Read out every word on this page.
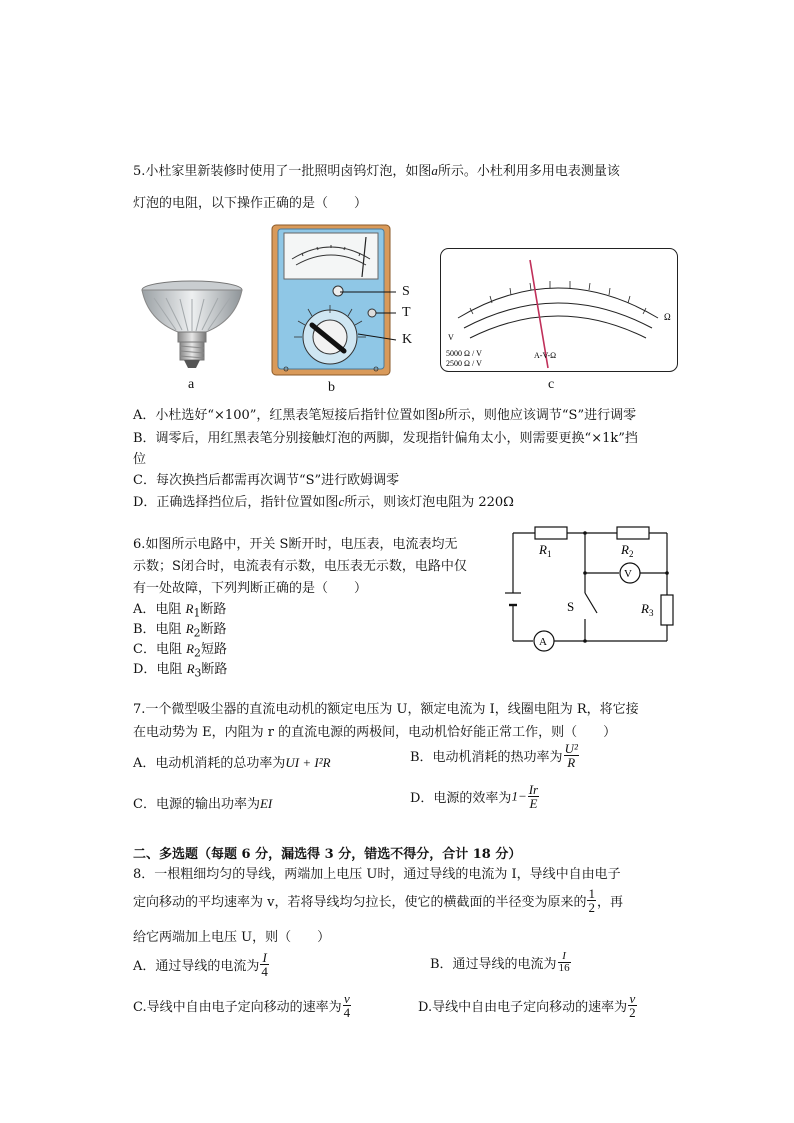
5.小杜家里新装修时使用了一批照明卤钨灯泡，如图a所示。小杜利用多用电表测量该
灯泡的电阻，以下操作正确的是（　　）
a
S
T
K
b
Ω
V
5000 Ω / V
2500 Ω / V
A-V-Ω
c
A．小杜选好“×100”，红黑表笔短接后指针位置如图b所示，则他应该调节“S”进行调零
B．调零后，用红黑表笔分别接触灯泡的两脚，发现指针偏角太小，则需要更换“×1k”挡
位
C．每次换挡后都需再次调节“S”进行欧姆调零
D．正确选择挡位后，指针位置如图c所示，则该灯泡电阻为 220Ω
6.如图所示电路中，开关 S断开时，电压表，电流表均无
示数；S闭合时，电流表有示数，电压表无示数，电路中仅
有一处故障，下列判断正确的是（　　）
A．电阻 $R_1$断路
B．电阻 $R_2$断路
C．电阻 $R_2$短路
D．电阻 $R_3$断路
V
A
S
$R_1$	$R_2$
$R_3$
7.一个微型吸尘器的直流电动机的额定电压为 U，额定电流为 I，线圈电阻为 R，将它接
在电动势为 E，内阻为 r 的直流电源的两极间，电动机恰好能正常工作，则（　　）
A．电动机消耗的总功率为UI + I²R	B．电动机消耗的热功率为 $\frac{\text{U²}}{R}$
C．电源的输出功率为EI	D．电源的效率为$1- \frac{Ir}{E}$
二、多选题（每题 6 分，漏选得 3 分，错选不得分，合计 18 分）
8．一根粗细均匀的导线，两端加上电压 U时，通过导线的电流为 I，导线中自由电子
定向移动的平均速率为 v，若将导线均匀拉长，使它的横截面的半径变为原来的 $\frac{1}{2}$ ，再
给它两端加上电压 U，则（　　）
A．通过导线的电流为 $\frac{I}{4}$	B．通过导线的电流为 $\frac{I}{16}$
C.导线中自由电子定向移动的速率为 $\frac{v}{4}$	D.导线中自由电子定向移动的速率为 $\frac{v}{2}$
